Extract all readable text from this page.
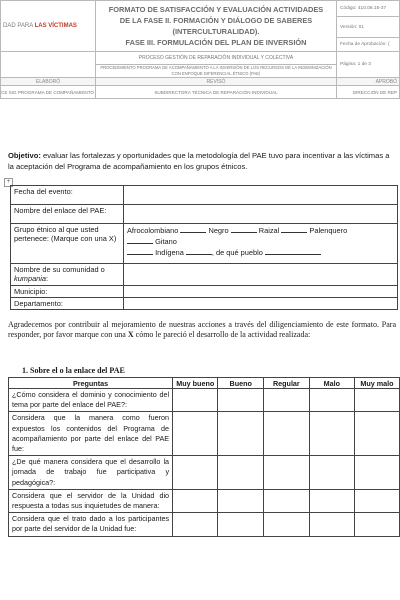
DAD PARA LAS VÍCTIMAS	FORMATO DE SATISFACCIÓN Y EVALUACIÓN ACTIVIDADES
DE LA FASE II. FORMACIÓN Y DIÁLOGO DE SABERES
(INTERCULTURALIDAD).
FASE III. FORMULACIÓN DEL PLAN DE INVERSIÓN	Código: 410.08.15-37
		Versión: 01
		Fecha de Aprobación: (
	PROCESO GESTIÓN DE REPARACIÓN INDIVIDUAL Y COLECTIVA	Página: 1 de 3
	PROCEDIMIENTO PROGRAMA DE ACOMPAÑAMIENTO A LA INVERSIÓN DE LOS RECURSOS DE LA INDEMNIZACIÓN CON ENFOQUE DIFERENCIAL ÉTNICO (PAE)	
ELABORÓ	REVISÓ	APROBÓ
CE SIG PROGRAMA DE COMPAÑAMIENTO	SUBDIRECTORA TÉCNICA DE REPARACIÓN INDIVIDUAL	DIRECCIÓN DE REP
Objetivo: evaluar las fortalezas y oportunidades que la metodología del PAE tuvo para incentivar a las víctimas a la aceptación del Programa de acompañamiento en los grupos étnicos.
+
Fecha del evento:	
Nombre del enlace del PAE:	
Grupo étnico al que usted pertenece: (Marque con una X)	Afrocolombiano Negro Raizal Palenquero
Gitano
Indígena , de qué pueblo

Nombre de su comunidad o kumpania:	
Municipio:	
Departamento:	
Agradecemos por contribuir al mejoramiento de nuestras acciones a través del diligenciamiento de este formato. Para responder, por favor marque con una X cómo le pareció el desarrollo de la actividad realizada:
1. Sobre el o la enlace del PAE
Preguntas	Muy bueno	Bueno	Regular	Malo	Muy malo
¿Cómo considera el dominio y conocimiento del tema por parte del enlace del PAE?:					
Considera que la manera como fueron expuestos los contenidos del Programa de acompañamiento por parte del enlace del PAE fue:					
¿De qué manera considera que el desarrollo la jornada de trabajo fue participativa y pedagógica?:					
Considera que el servidor de la Unidad dio respuesta a todas sus inquietudes de manera:					
Considera que el trato dado a los participantes por parte del servidor de la Unidad fue:					
